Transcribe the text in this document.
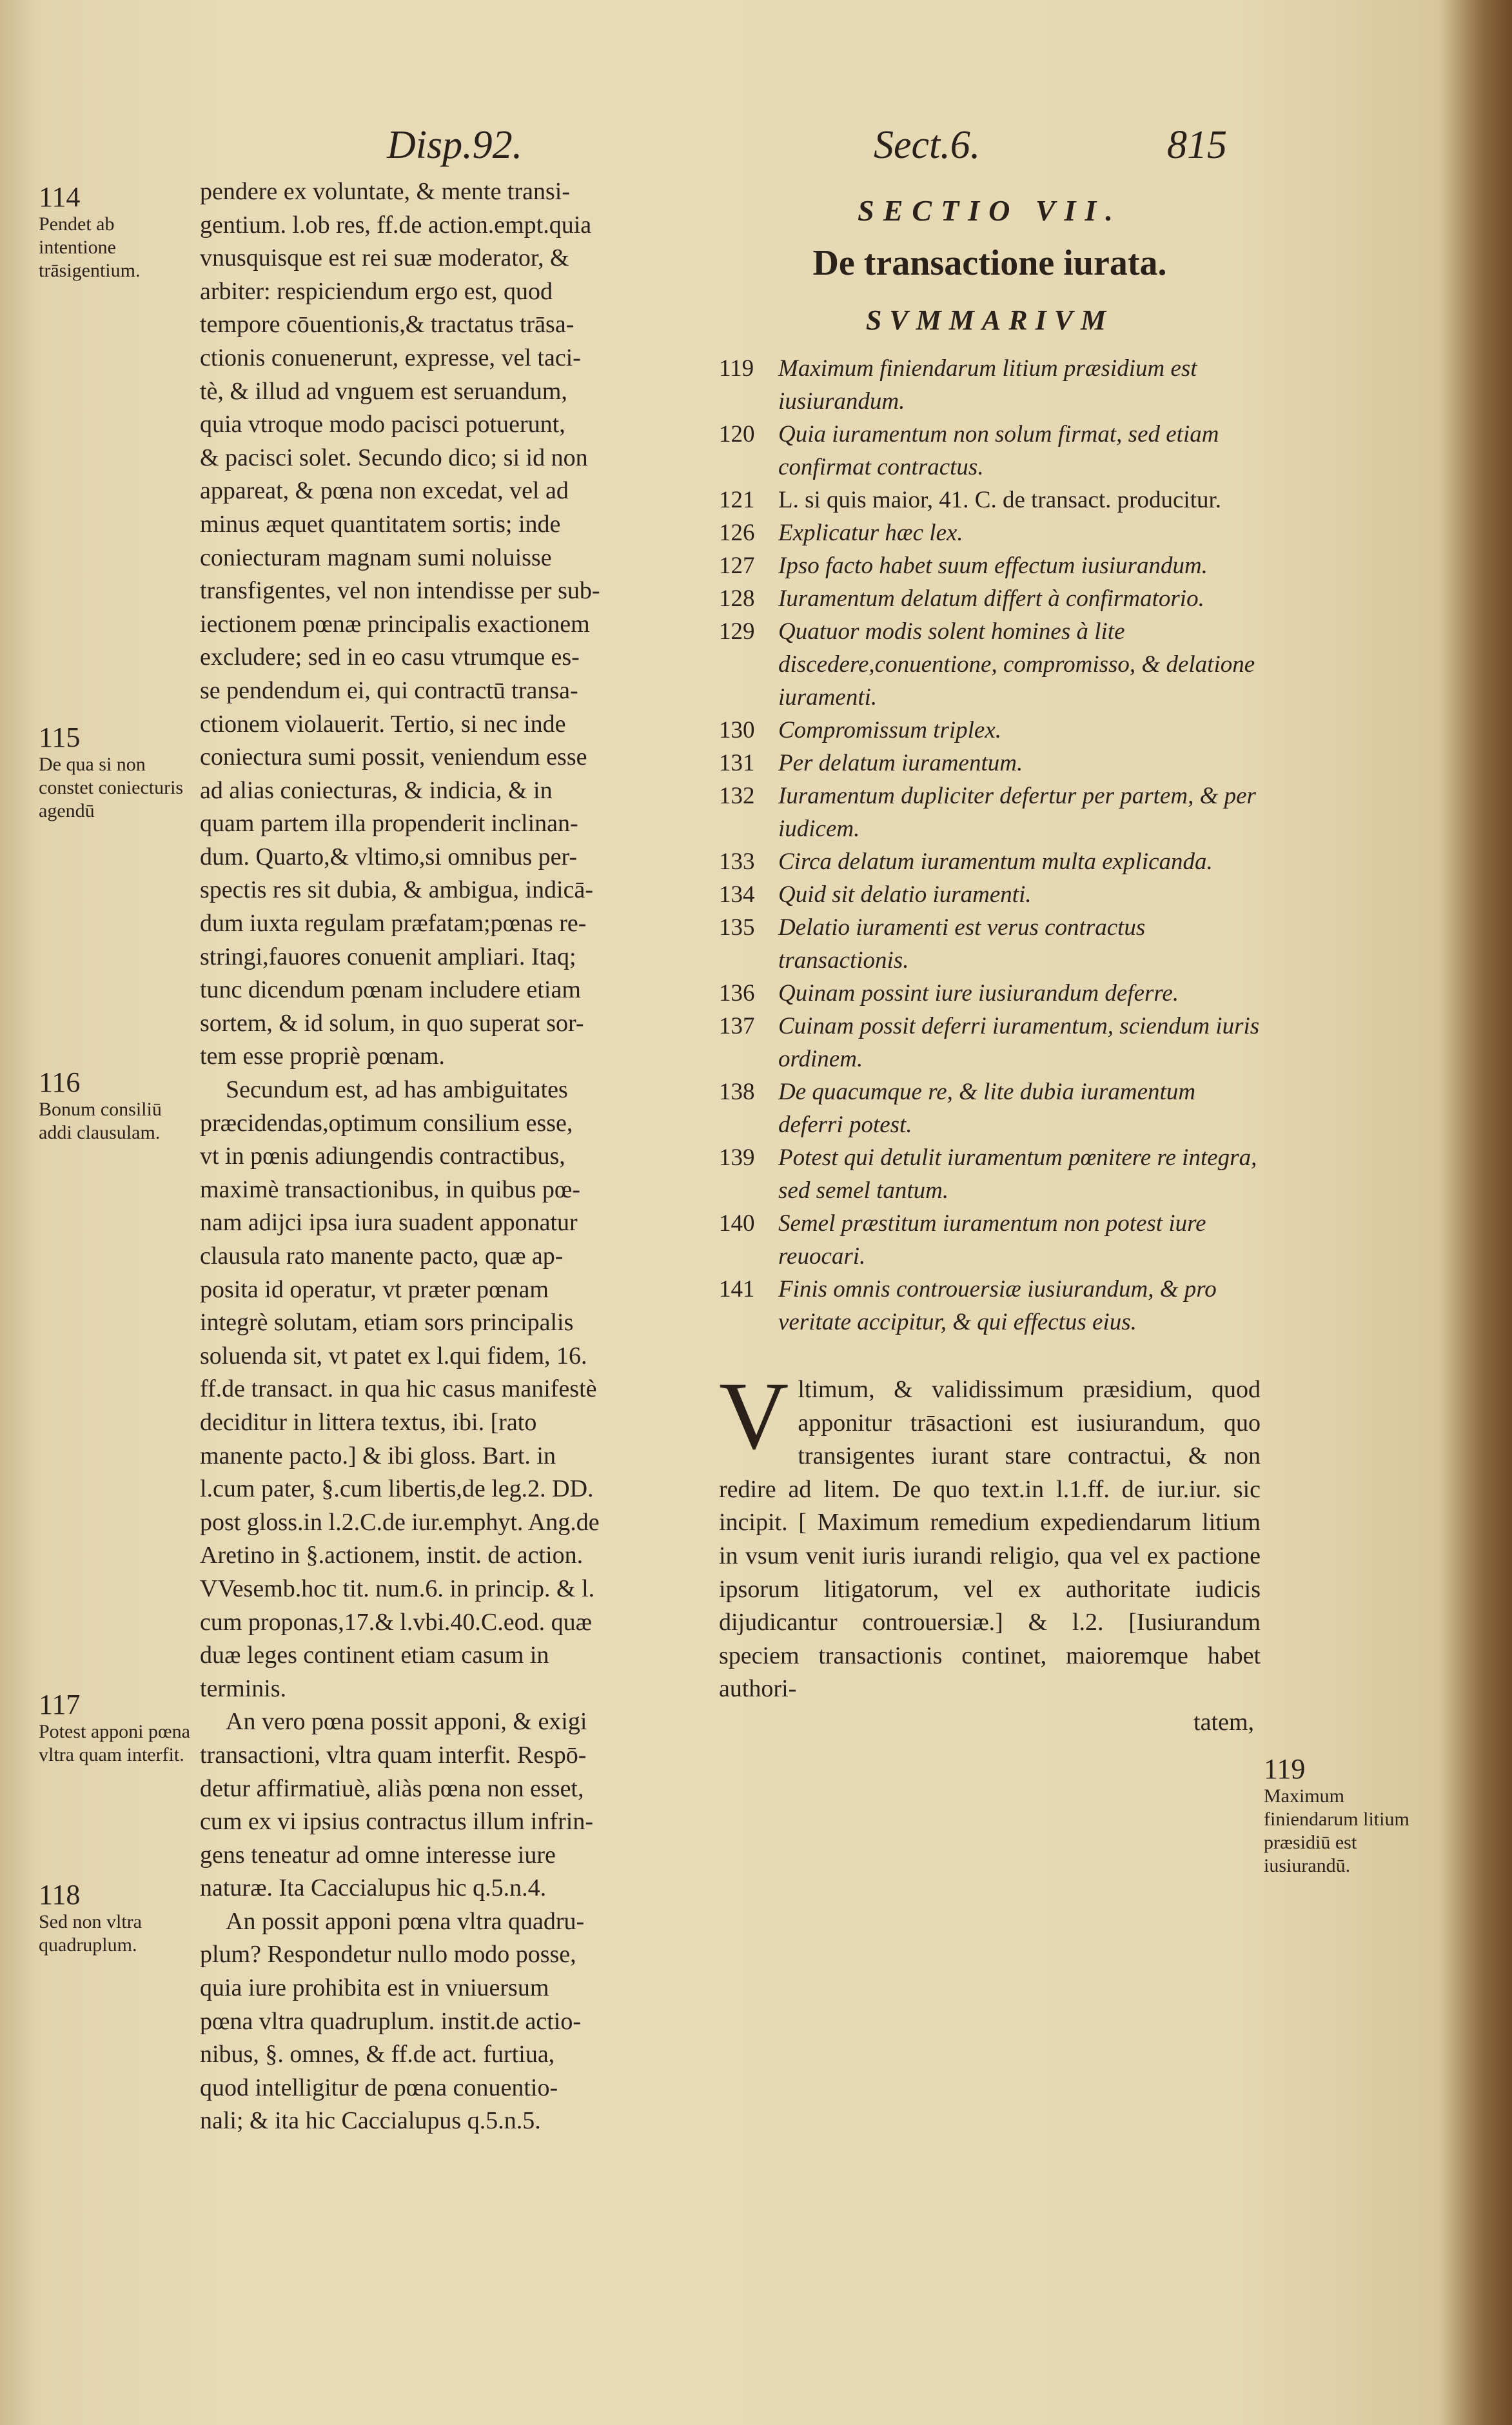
Disp.92.	Sect.6.	815
114
Pendet ab intentione trāsigentium.
115
De qua si non constet coniecturis agendū
116
Bonum consiliū addi clausulam.
117
Potest apponi pœna vltra quam interfit.
118
Sed non vltra quadruplum.

pendere ex voluntate, & mente transi-

gentium. l.ob res, ff.de action.empt.quia

vnusquisque est rei suæ moderator, &

arbiter: respiciendum ergo est, quod

tempore cōuentionis,& tractatus trāsa-

ctionis conuenerunt, expresse, vel taci-

tè, & illud ad vnguem est seruandum,

quia vtroque modo pacisci potuerunt,

& pacisci solet. Secundo dico; si id non

appareat, & pœna non excedat, vel ad

minus æquet quantitatem sortis; inde

coniecturam magnam sumi noluisse

transfigentes, vel non intendisse per sub-

iectionem pœnæ principalis exactionem

excludere; sed in eo casu vtrumque es-

se pendendum ei, qui contractū transa-

ctionem violauerit. Tertio, si nec inde

coniectura sumi possit, veniendum esse

ad alias coniecturas, & indicia, & in

quam partem illa propenderit inclinan-

dum. Quarto,& vltimo,si omnibus per-

spectis res sit dubia, & ambigua, indicā-

dum iuxta regulam præfatam;pœnas re-

stringi,fauores conuenit ampliari. Itaq;

tunc dicendum pœnam includere etiam

sortem, & id solum, in quo superat sor-

tem esse propriè pœnam.

Secundum est, ad has ambiguitates

præcidendas,optimum consilium esse,

vt in pœnis adiungendis contractibus,

maximè transactionibus, in quibus pœ-

nam adijci ipsa iura suadent apponatur

clausula rato manente pacto, quæ ap-

posita id operatur, vt præter pœnam

integrè solutam, etiam sors principalis

soluenda sit, vt patet ex l.qui fidem, 16.

ff.de transact. in qua hic casus manifestè

deciditur in littera textus, ibi. [rato

manente pacto.] & ibi gloss. Bart. in

l.cum pater, §.cum libertis,de leg.2. DD.

post gloss.in l.2.C.de iur.emphyt. Ang.de

Aretino in §.actionem, instit. de action.

VVesemb.hoc tit. num.6. in princip. & l.

cum proponas,17.& l.vbi.40.C.eod. quæ

duæ leges continent etiam casum in

terminis.

An vero pœna possit apponi, & exigi

transactioni, vltra quam interfit. Respō-

detur affirmatiuè, aliàs pœna non esset,

cum ex vi ipsius contractus illum infrin-

gens teneatur ad omne interesse iure

naturæ. Ita Caccialupus hic q.5.n.4.

An possit apponi pœna vltra quadru-

plum? Respondetur nullo modo posse,

quia iure prohibita est in vniuersum

pœna vltra quadruplum. instit.de actio-

nibus, §. omnes, & ff.de act. furtiua,

quod intelligitur de pœna conuentio-

nali; & ita hic Caccialupus q.5.n.5.

SECTIO VII.
De transactione iurata.
SVMMARIVM
119	Maximum finiendarum litium præsidium est iusiurandum.
120 Quia iuramentum non solum firmat, sed etiam confirmat contractus.
121 L. si quis maior, 41. C. de transact. producitur.
126 Explicatur hæc lex.
127 Ipso facto habet suum effectum iusiurandum.
128 Iuramentum delatum differt à confirmatorio.
129 Quatuor modis solent homines à lite discedere,conuentione, compromisso, & delatione iuramenti.
130 Compromissum triplex.
131 Per delatum iuramentum.
132 Iuramentum dupliciter defertur per partem, & per iudicem.
133 Circa delatum iuramentum multa explicanda.
134 Quid sit delatio iuramenti.
135 Delatio iuramenti est verus contractus transactionis.
136 Quinam possint iure iusiurandum deferre.
137 Cuinam possit deferri iuramentum, sciendum iuris ordinem.
138 De quacumque re, & lite dubia iuramentum deferri potest.
139 Potest qui detulit iuramentum pœnitere re integra, sed semel tantum.
140 Semel præstitum iuramentum non potest iure reuocari.
141 Finis omnis controuersiæ iusiurandum, & pro veritate accipitur, & qui effectus eius.
Vltimum, & validissimum præsidium, quod apponitur trāsactioni est iusiurandum, quo transigentes iurant stare contractui, & non redire ad litem. De quo text.in l.1.ff. de iur.iur. sic incipit. [ Maximum remedium expediendarum litium in vsum venit iuris iurandi religio, qua vel ex pactione ipsorum litigatorum, vel ex authoritate iudicis dijudicantur controuersiæ.] & l.2. [Iusiurandum speciem transactionis continet, maioremque habet authori-

tatem,

119
Maximum finiendarum litium præsidiū est iusiurandū.
